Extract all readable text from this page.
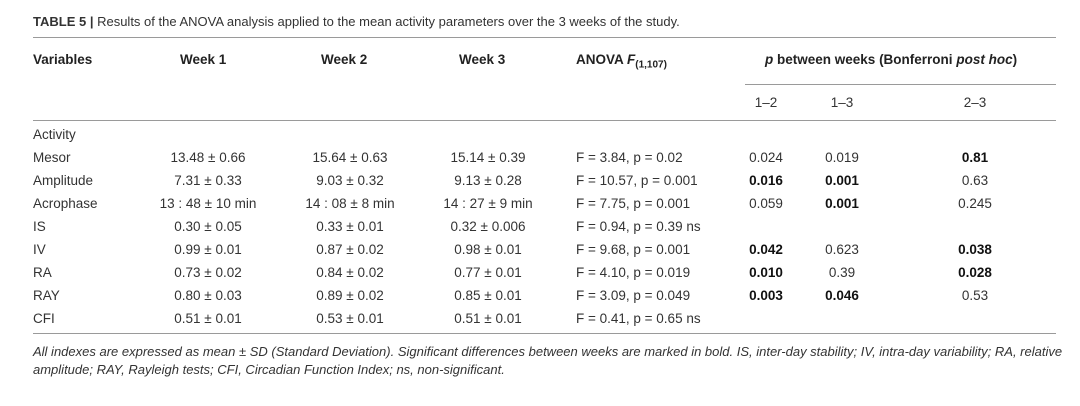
TABLE 5 | Results of the ANOVA analysis applied to the mean activity parameters over the 3 weeks of the study.
Variables	Week 1	Week 2	Week 3	ANOVA $F_{(1,107)}$	p between weeks (Bonferroni post hoc)
1–2	1–3	2–3
Activity
Mesor	13.48 ± 0.66	15.64 ± 0.63	15.14 ± 0.39	F = 3.84, p = 0.02	0.024	0.019	0.81
Amplitude	7.31 ± 0.33	9.03 ± 0.32	9.13 ± 0.28	F = 10.57, p = 0.001	0.016	0.001	0.63
Acrophase	13 : 48 ± 10 min	14 : 08 ± 8 min	14 : 27 ± 9 min	F = 7.75, p = 0.001	0.059	0.001	0.245
IS	0.30 ± 0.05	0.33 ± 0.01	0.32 ± 0.006	F = 0.94, p = 0.39 ns
IV	0.99 ± 0.01	0.87 ± 0.02	0.98 ± 0.01	F = 9.68, p = 0.001	0.042	0.623	0.038
RA	0.73 ± 0.02	0.84 ± 0.02	0.77 ± 0.01	F = 4.10, p = 0.019	0.010	0.39	0.028
RAY	0.80 ± 0.03	0.89 ± 0.02	0.85 ± 0.01	F = 3.09, p = 0.049	0.003	0.046	0.53
CFI	0.51 ± 0.01	0.53 ± 0.01	0.51 ± 0.01	F = 0.41, p = 0.65 ns
All indexes are expressed as mean ± SD (Standard Deviation). Significant differences between weeks are marked in bold. IS, inter-day stability; IV, intra-day variability; RA, relative amplitude; RAY, Rayleigh tests; CFI, Circadian Function Index; ns, non-significant.
